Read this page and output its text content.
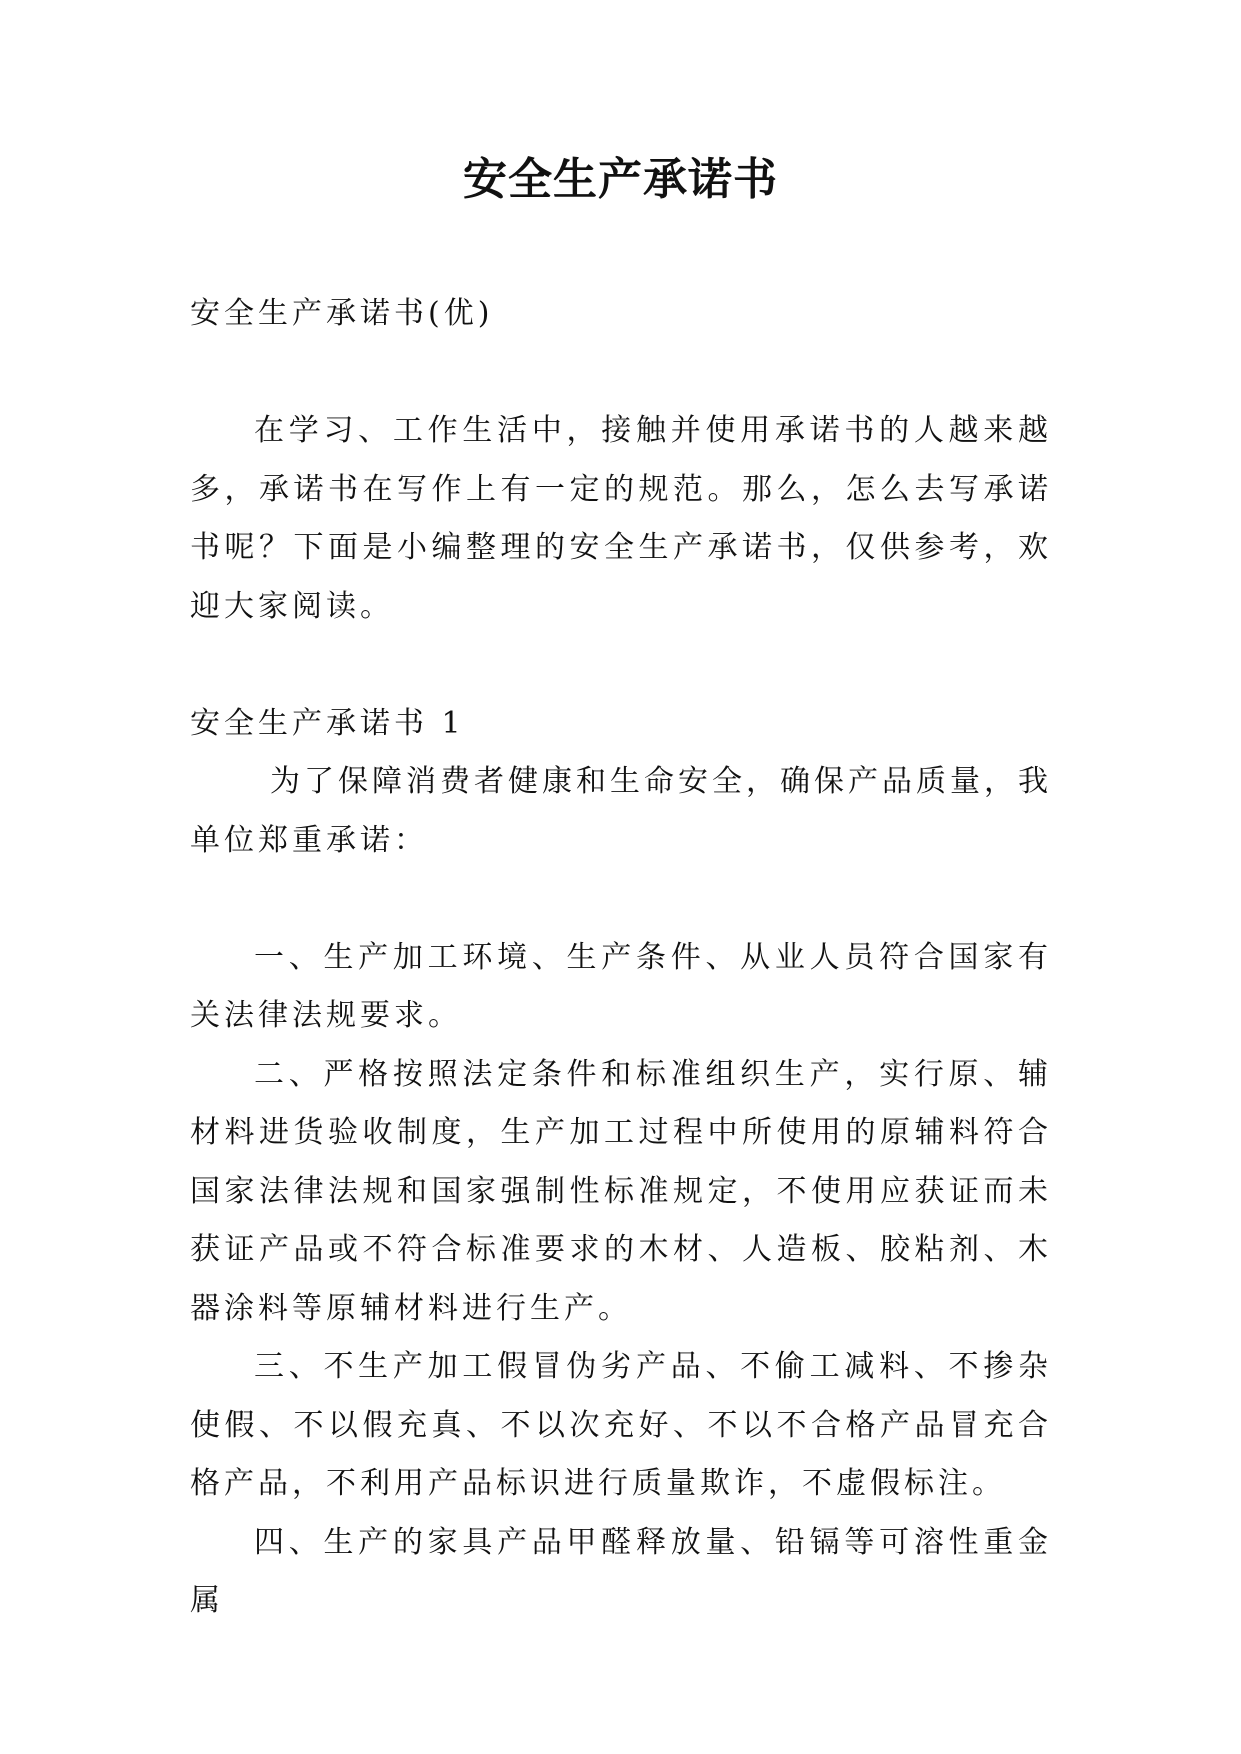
安全生产承诺书

安全生产承诺书(优)

在学习、工作生活中，接触并使用承诺书的人越来越多，承诺书在写作上有一定的规范。那么，怎么去写承诺书呢？下面是小编整理的安全生产承诺书，仅供参考，欢迎大家阅读。

安全生产承诺书 1

为了保障消费者健康和生命安全，确保产品质量，我单位郑重承诺：

一、生产加工环境、生产条件、从业人员符合国家有关法律法规要求。

二、严格按照法定条件和标准组织生产，实行原、辅材料进货验收制度，生产加工过程中所使用的原辅料符合国家法律法规和国家强制性标准规定，不使用应获证而未获证产品或不符合标准要求的木材、人造板、胶粘剂、木器涂料等原辅材料进行生产。

三、不生产加工假冒伪劣产品、不偷工减料、不掺杂使假、不以假充真、不以次充好、不以不合格产品冒充合格产品，不利用产品标识进行质量欺诈，不虚假标注。

四、生产的家具产品甲醛释放量、铅镉等可溶性重金属
